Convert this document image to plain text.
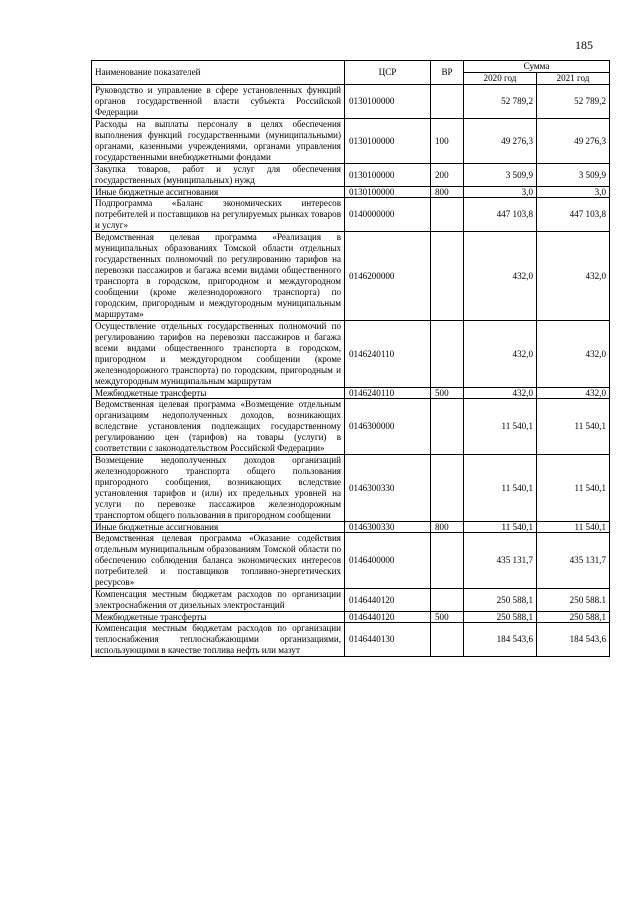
185
Наименование показателей	ЦСР	ВР	Сумма	
			2020 год	2021 год
Руководство и управление в сфере установленных функций органов государственной власти субъекта Российской Федерации	0130100000		52 789,2	52 789,2
Расходы на выплаты персоналу в целях обеспечения выполнения функций государственными (муниципальными) органами, казенными учреждениями, органами управления государственными внебюджетными фондами	0130100000	100	49 276,3	49 276,3
Закупка товаров, работ и услуг для обеспечения государственных (муниципальных) нужд	0130100000	200	3 509,9	3 509,9
Иные бюджетные ассигнования	0130100000	800	3,0	3,0
Подпрограмма «Баланс экономических интересов потребителей и поставщиков на регулируемых рынках товаров и услуг»	0140000000		447 103,8	447 103,8
Ведомственная целевая программа «Реализация в муниципальных образованиях Томской области отдельных государственных полномочий по регулированию тарифов на перевозки пассажиров и багажа всеми видами общественного транспорта в городском, пригородном и междугородном сообщении (кроме железнодорожного транспорта) по городским, пригородным и междугородным муниципальным маршрутам»	0146200000		432,0	432,0
Осуществление отдельных государственных полномочий по регулированию тарифов на перевозки пассажиров и багажа всеми видами общественного транспорта в городском, пригородном и междугородном сообщении (кроме железнодорожного транспорта) по городским, пригородным и междугородным муниципальным маршрутам	0146240110		432,0	432,0
Межбюджетные трансферты	0146240110	500	432,0	432,0
Ведомственная целевая программа «Возмещение отдельным организациям недополученных доходов, возникающих вследствие установления подлежащих государственному регулированию цен (тарифов) на товары (услуги) в соответствии с законодательством Российской Федерации»	0146300000		11 540,1	11 540,1
Возмещение недополученных доходов организаций железнодорожного транспорта общего пользования пригородного сообщения, возникающих вследствие установления тарифов и (или) их предельных уровней на услуги по перевозке пассажиров железнодорожным транспортом общего пользования в пригородном сообщении	0146300330		11 540,1	11 540,1
Иные бюджетные ассигнования	0146300330	800	11 540,1	11 540,1
Ведомственная целевая программа «Оказание содействия отдельным муниципальным образованиям Томской области по обеспечению соблюдения баланса экономических интересов потребителей и поставщиков топливно-энергетических ресурсов»	0146400000		435 131,7	435 131,7
Компенсация местным бюджетам расходов по организации электроснабжения от дизельных электростанций	0146440120		250 588,1	250 588.1
Межбюджетные трансферты	0146440120	500	250 588,1	250 588,1
Компенсация местным бюджетам расходов по организации теплоснабжения теплоснабжающими организациями, использующими в качестве топлива нефть или мазут	0146440130		184 543,6	184 543,6
